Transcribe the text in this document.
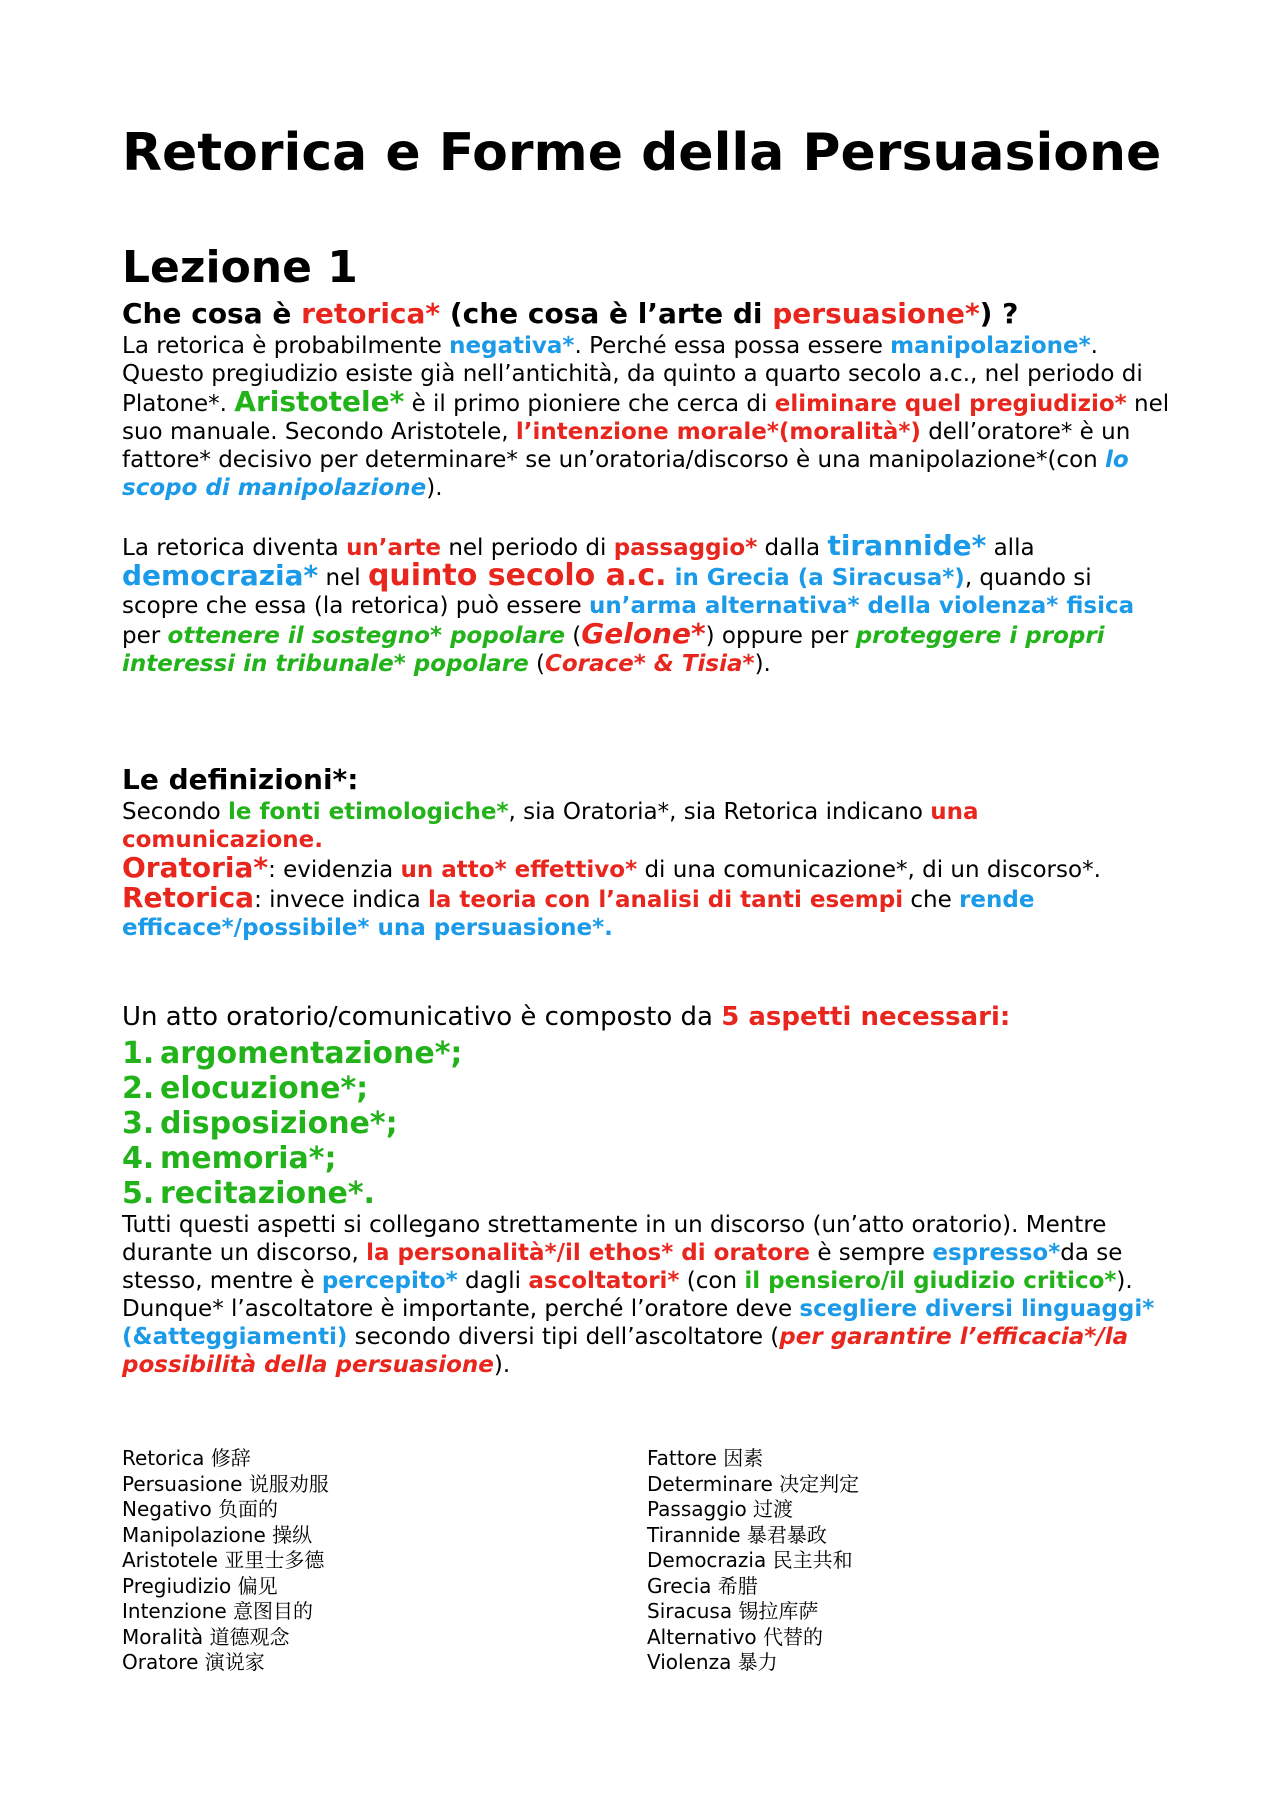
Retorica e Forme della Persuasione
Lezione 1
Che cosa è retorica* (che cosa è l’arte di persuasione*) ?

La retorica è probabilmente negativa*. Perché essa possa essere manipolazione*. Questo pregiudizio esiste già nell’antichità, da quinto a quarto secolo a.c., nel periodo di Platone*. Aristotele* è il primo pioniere che cerca di eliminare quel pregiudizio* nel suo manuale. Secondo Aristotele, l’intenzione morale*(moralità*) dell’oratore* è un fattore* decisivo per determinare* se un’oratoria/discorso è una manipolazione*(con lo scopo di manipolazione).

La retorica diventa un’arte nel periodo di passaggio* dalla tirannide* alla democrazia* nel quinto secolo a.c. in Grecia (a Siracusa*), quando si scopre che essa (la retorica) può essere un’arma alternativa* della violenza* fisica per ottenere il sostegno* popolare (Gelone*) oppure per proteggere i propri interessi in tribunale* popolare (Corace* & Tisia*).

Le definizioni*:

Secondo le fonti etimologiche*, sia Oratoria*, sia Retorica indicano una comunicazione.

Oratoria*: evidenzia un atto* effettivo* di una comunicazione*, di un discorso*.

Retorica: invece indica la teoria con l’analisi di tanti esempi che rende efficace*/possibile* una persuasione*.

Un atto oratorio/comunicativo è composto da 5 aspetti necessari:

1. argomentazione*;
2. elocuzione*;
3. disposizione*;
4. memoria*;
5. recitazione*.

Tutti questi aspetti si collegano strettamente in un discorso (un’atto oratorio). Mentre durante un discorso, la personalità*/il ethos* di oratore è sempre espresso*da se stesso, mentre è percepito* dagli ascoltatori* (con il pensiero/il giudizio critico*). Dunque* l’ascoltatore è importante, perché l’oratore deve scegliere diversi linguaggi*(&atteggiamenti) secondo diversi tipi dell’ascoltatore (per garantire l’efficacia*/la possibilità della persuasione).

Retorica 修辞
Persuasione 说服劝服
Negativo 负面的
Manipolazione 操纵
Aristotele 亚里士多德
Pregiudizio 偏见
Intenzione 意图目的
Moralità 道德观念
Oratore 演说家
Fattore 因素
Determinare 决定判定
Passaggio 过渡
Tirannide 暴君暴政
Democrazia 民主共和
Grecia 希腊
Siracusa 锡拉库萨
Alternativo 代替的
Violenza 暴力
